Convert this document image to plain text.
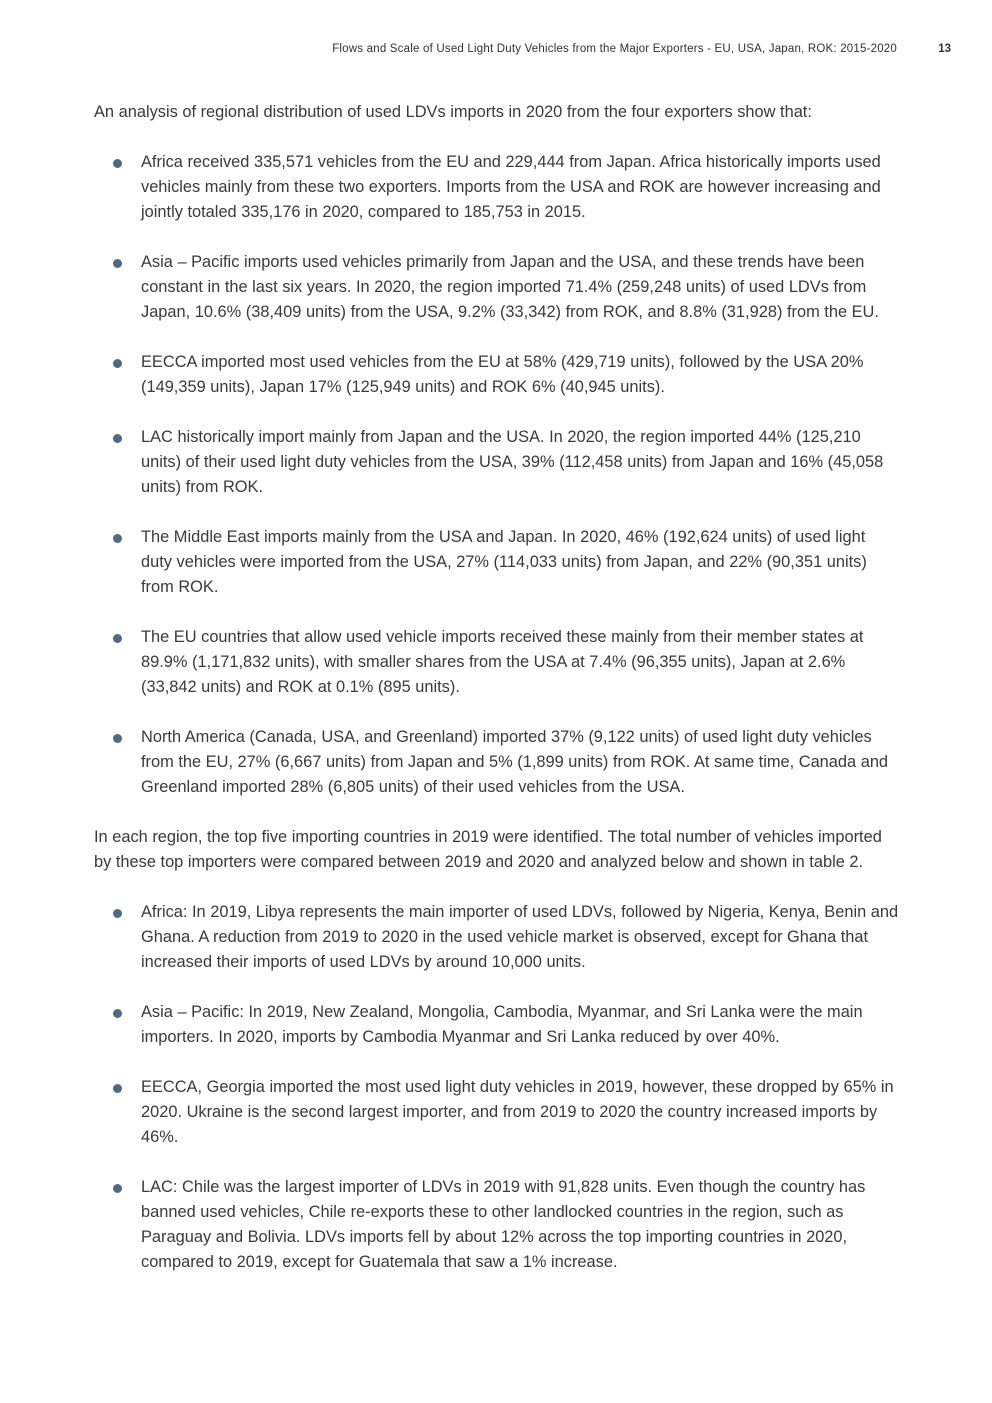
Flows and Scale of Used Light Duty Vehicles from the Major Exporters - EU, USA, Japan, ROK: 2015-2020	13

An analysis of regional distribution of used LDVs imports in 2020 from the four exporters show that:

Africa received 335,571 vehicles from the EU and 229,444 from Japan. Africa historically imports used vehicles mainly from these two exporters. Imports from the USA and ROK are however increasing and jointly totaled 335,176 in 2020, compared to 185,753 in 2015.
Asia – Pacific imports used vehicles primarily from Japan and the USA, and these trends have been constant in the last six years. In 2020, the region imported 71.4% (259,248 units) of used LDVs from Japan, 10.6% (38,409 units) from the USA, 9.2% (33,342) from ROK, and 8.8% (31,928) from the EU.
EECCA imported most used vehicles from the EU at 58% (429,719 units), followed by the USA 20% (149,359 units), Japan 17% (125,949 units) and ROK 6% (40,945 units).
LAC historically import mainly from Japan and the USA. In 2020, the region imported 44% (125,210 units) of their used light duty vehicles from the USA, 39% (112,458 units) from Japan and 16% (45,058 units) from ROK.
The Middle East imports mainly from the USA and Japan. In 2020, 46% (192,624 units) of used light duty vehicles were imported from the USA, 27% (114,033 units) from Japan, and 22% (90,351 units) from ROK.
The EU countries that allow used vehicle imports received these mainly from their member states at 89.9% (1,171,832 units), with smaller shares from the USA at 7.4% (96,355 units), Japan at 2.6% (33,842 units) and ROK at 0.1% (895 units).
North America (Canada, USA, and Greenland) imported 37% (9,122 units) of used light duty vehicles from the EU, 27% (6,667 units) from Japan and 5% (1,899 units) from ROK. At same time, Canada and Greenland imported 28% (6,805 units) of their used vehicles from the USA.

In each region, the top five importing countries in 2019 were identified. The total number of vehicles imported by these top importers were compared between 2019 and 2020 and analyzed below and shown in table 2.

Africa: In 2019, Libya represents the main importer of used LDVs, followed by Nigeria, Kenya, Benin and Ghana. A reduction from 2019 to 2020 in the used vehicle market is observed, except for Ghana that increased their imports of used LDVs by around 10,000 units.
Asia – Pacific: In 2019, New Zealand, Mongolia, Cambodia, Myanmar, and Sri Lanka were the main importers. In 2020, imports by Cambodia Myanmar and Sri Lanka reduced by over 40%.
EECCA, Georgia imported the most used light duty vehicles in 2019, however, these dropped by 65% in 2020. Ukraine is the second largest importer, and from 2019 to 2020 the country increased imports by 46%.
LAC: Chile was the largest importer of LDVs in 2019 with 91,828 units. Even though the country has banned used vehicles, Chile re-exports these to other landlocked countries in the region, such as Paraguay and Bolivia. LDVs imports fell by about 12% across the top importing countries in 2020, compared to 2019, except for Guatemala that saw a 1% increase.
